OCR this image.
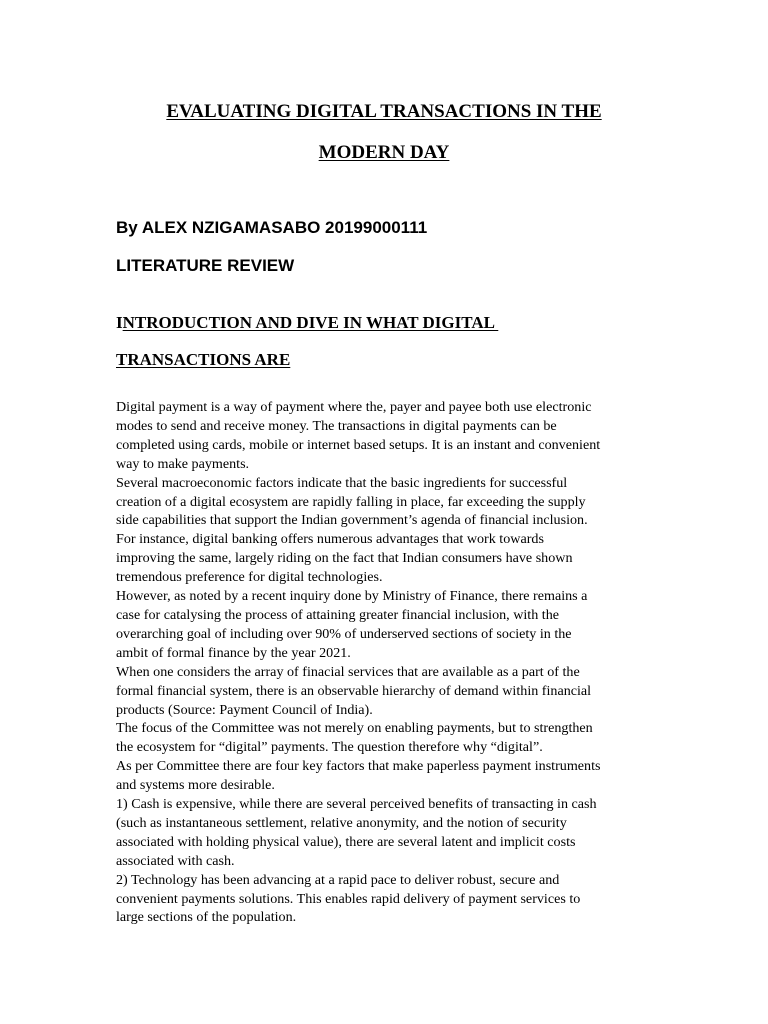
EVALUATING DIGITAL TRANSACTIONS IN THE
MODERN DAY

By ALEX NZIGAMASABO 20199000111

LITERATURE REVIEW

INTRODUCTION AND DIVE IN WHAT DIGITAL
TRANSACTIONS ARE
Digital payment is a way of payment where the, payer and payee both use electronic
modes to send and receive money. The transactions in digital payments can be
completed using cards, mobile or internet based setups. It is an instant and convenient
way to make payments.
Several macroeconomic factors indicate that the basic ingredients for successful
creation of a digital ecosystem are rapidly falling in place, far exceeding the supply
side capabilities that support the Indian government’s agenda of financial inclusion.
For instance, digital banking offers numerous advantages that work towards
improving the same, largely riding on the fact that Indian consumers have shown
tremendous preference for digital technologies.
However, as noted by a recent inquiry done by Ministry of Finance, there remains a
case for catalysing the process of attaining greater financial inclusion, with the
overarching goal of including over 90% of underserved sections of society in the
ambit of formal finance by the year 2021.
When one considers the array of finacial services that are available as a part of the
formal financial system, there is an observable hierarchy of demand within financial
products (Source: Payment Council of India).
The focus of the Committee was not merely on enabling payments, but to strengthen
the ecosystem for “digital” payments. The question therefore why “digital”.
As per Committee there are four key factors that make paperless payment instruments
and systems more desirable.
1) Cash is expensive, while there are several perceived benefits of transacting in cash
(such as instantaneous settlement, relative anonymity, and the notion of security
associated with holding physical value), there are several latent and implicit costs
associated with cash.
2) Technology has been advancing at a rapid pace to deliver robust, secure and
convenient payments solutions. This enables rapid delivery of payment services to
large sections of the population.
